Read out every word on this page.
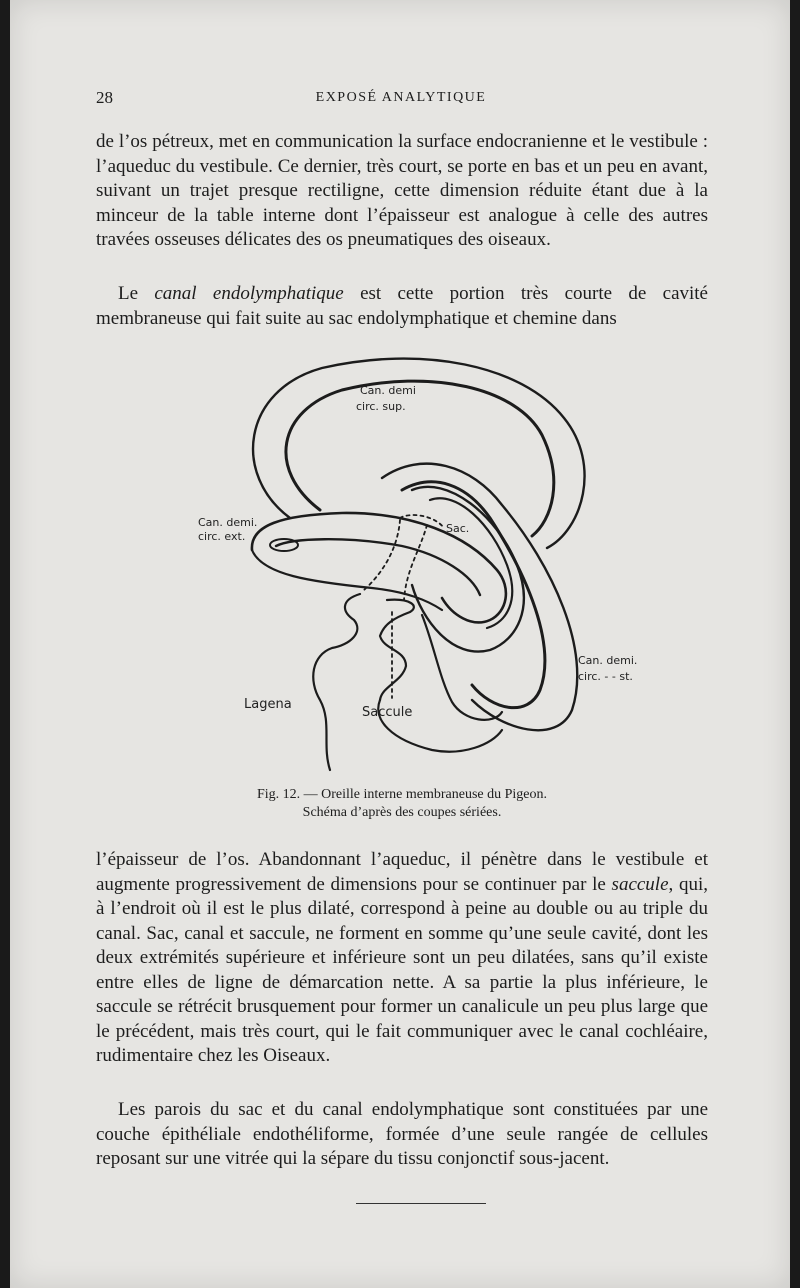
28	EXPOSÉ ANALYTIQUE

de l’os pétreux, met en communication la surface endocranienne et le vestibule : l’aqueduc du vestibule. Ce dernier, très court, se porte en bas et un peu en avant, suivant un trajet presque rectiligne, cette dimension réduite étant due à la minceur de la table interne dont l’épaisseur est analogue à celle des autres travées osseuses délicates des os pneumatiques des oiseaux.

Le canal endolymphatique est cette portion très courte de cavité membraneuse qui fait suite au sac endolymphatique et chemine dans

Can. demi
circ. sup.
Can. demi.
circ. ext.
Sac.
Can. demi.
circ. - - st.
Lagena
Saccule
Fig. 12. — Oreille interne membraneuse du Pigeon.
Schéma d’après des coupes sériées.

l’épaisseur de l’os. Abandonnant l’aqueduc, il pénètre dans le vestibule et augmente progressivement de dimensions pour se continuer par le saccule, qui, à l’endroit où il est le plus dilaté, correspond à peine au double ou au triple du canal. Sac, canal et saccule, ne forment en somme qu’une seule cavité, dont les deux extrémités supérieure et inférieure sont un peu dilatées, sans qu’il existe entre elles de ligne de démarcation nette. A sa partie la plus inférieure, le saccule se rétrécit brusquement pour former un canalicule un peu plus large que le précédent, mais très court, qui le fait communiquer avec le canal cochléaire, rudimentaire chez les Oiseaux.

Les parois du sac et du canal endolymphatique sont constituées par une couche épithéliale endothéliforme, formée d’une seule rangée de cellules reposant sur une vitrée qui la sépare du tissu conjonctif sous-jacent.
